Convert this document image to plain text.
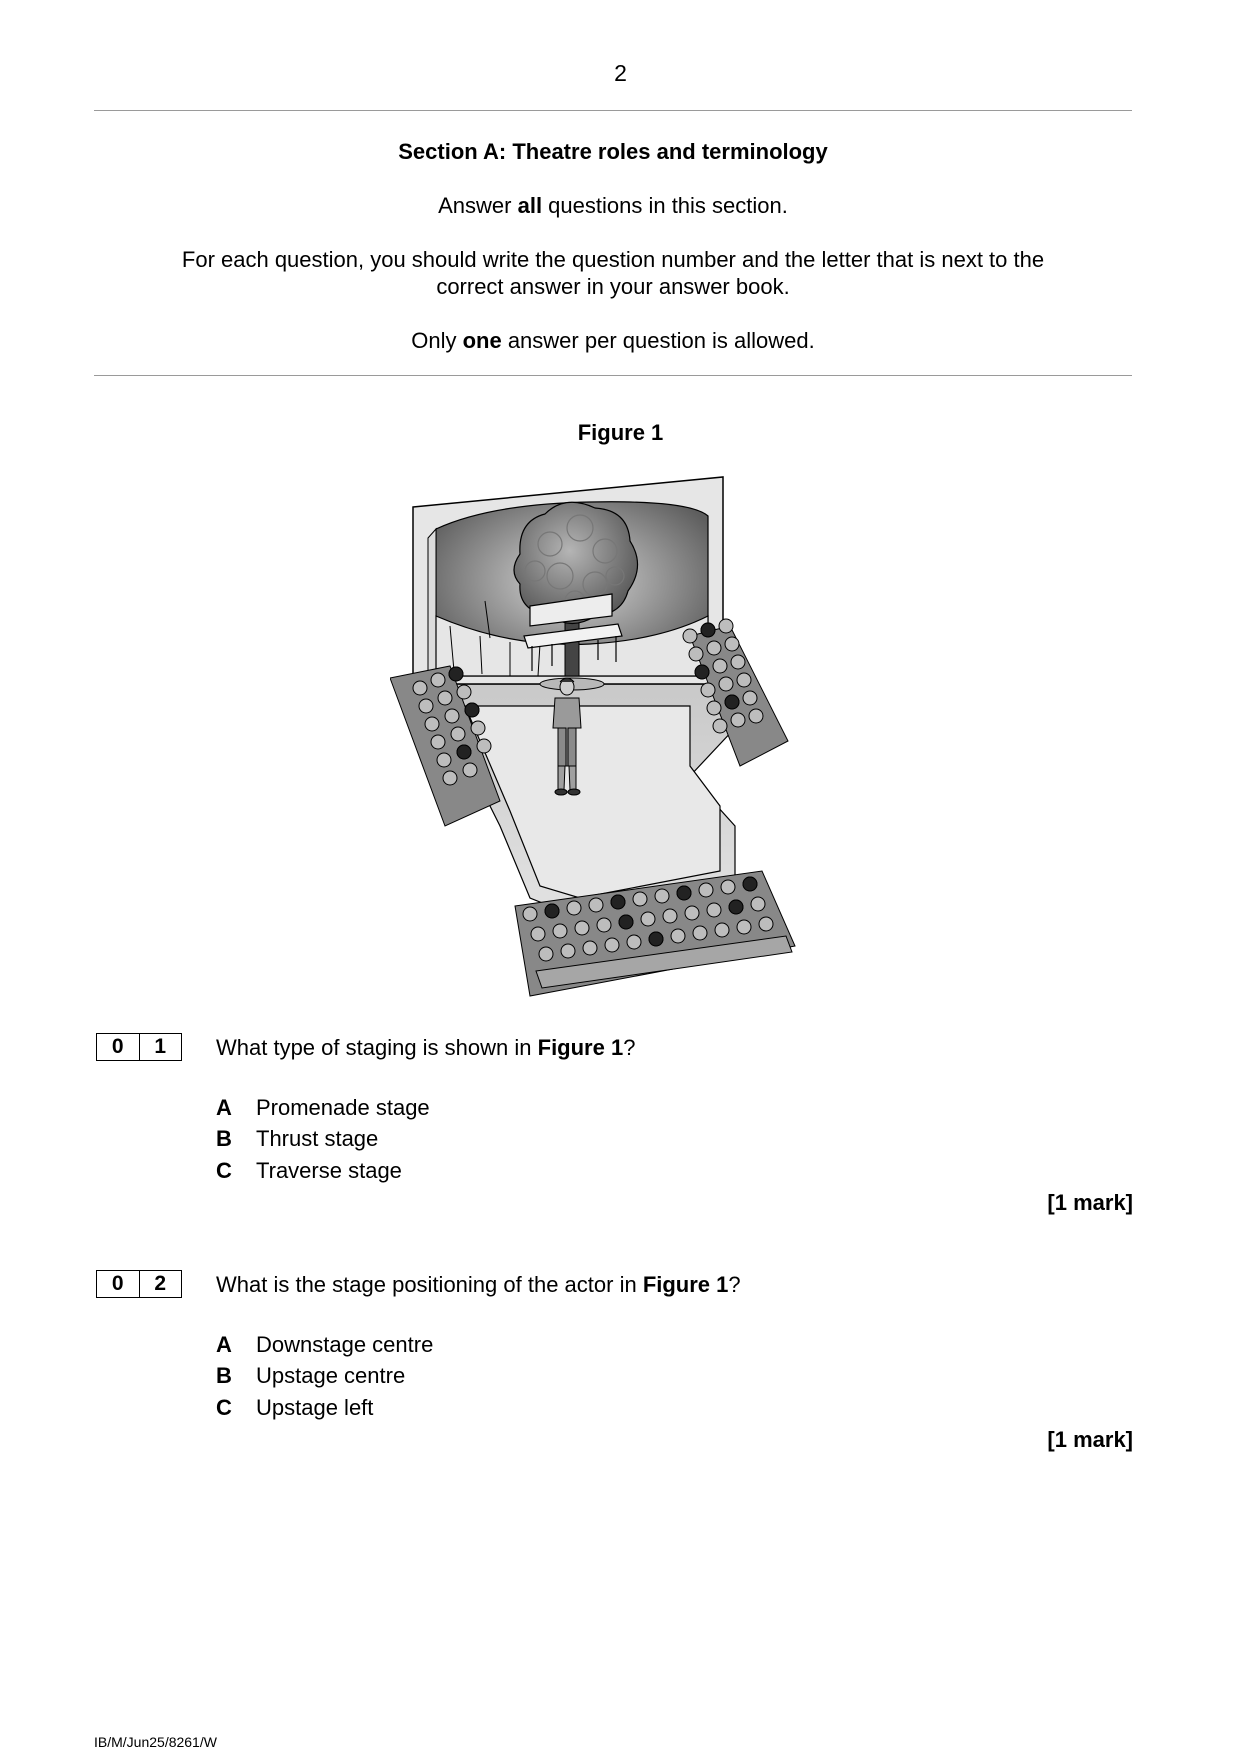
2
Section A: Theatre roles and terminology
Answer all questions in this section.
For each question, you should write the question number and the letter that is next to the
correct answer in your answer book.
Only one answer per question is allowed.
Figure 1
0	1	What type of staging is shown in Figure 1?
A	Promenade stage
B	Thrust stage
C	Traverse stage
[1 mark]
0	2	What is the stage positioning of the actor in Figure 1?
A	Downstage centre
B	Upstage centre
C	Upstage left
[1 mark]
IB/M/Jun25/8261/W
